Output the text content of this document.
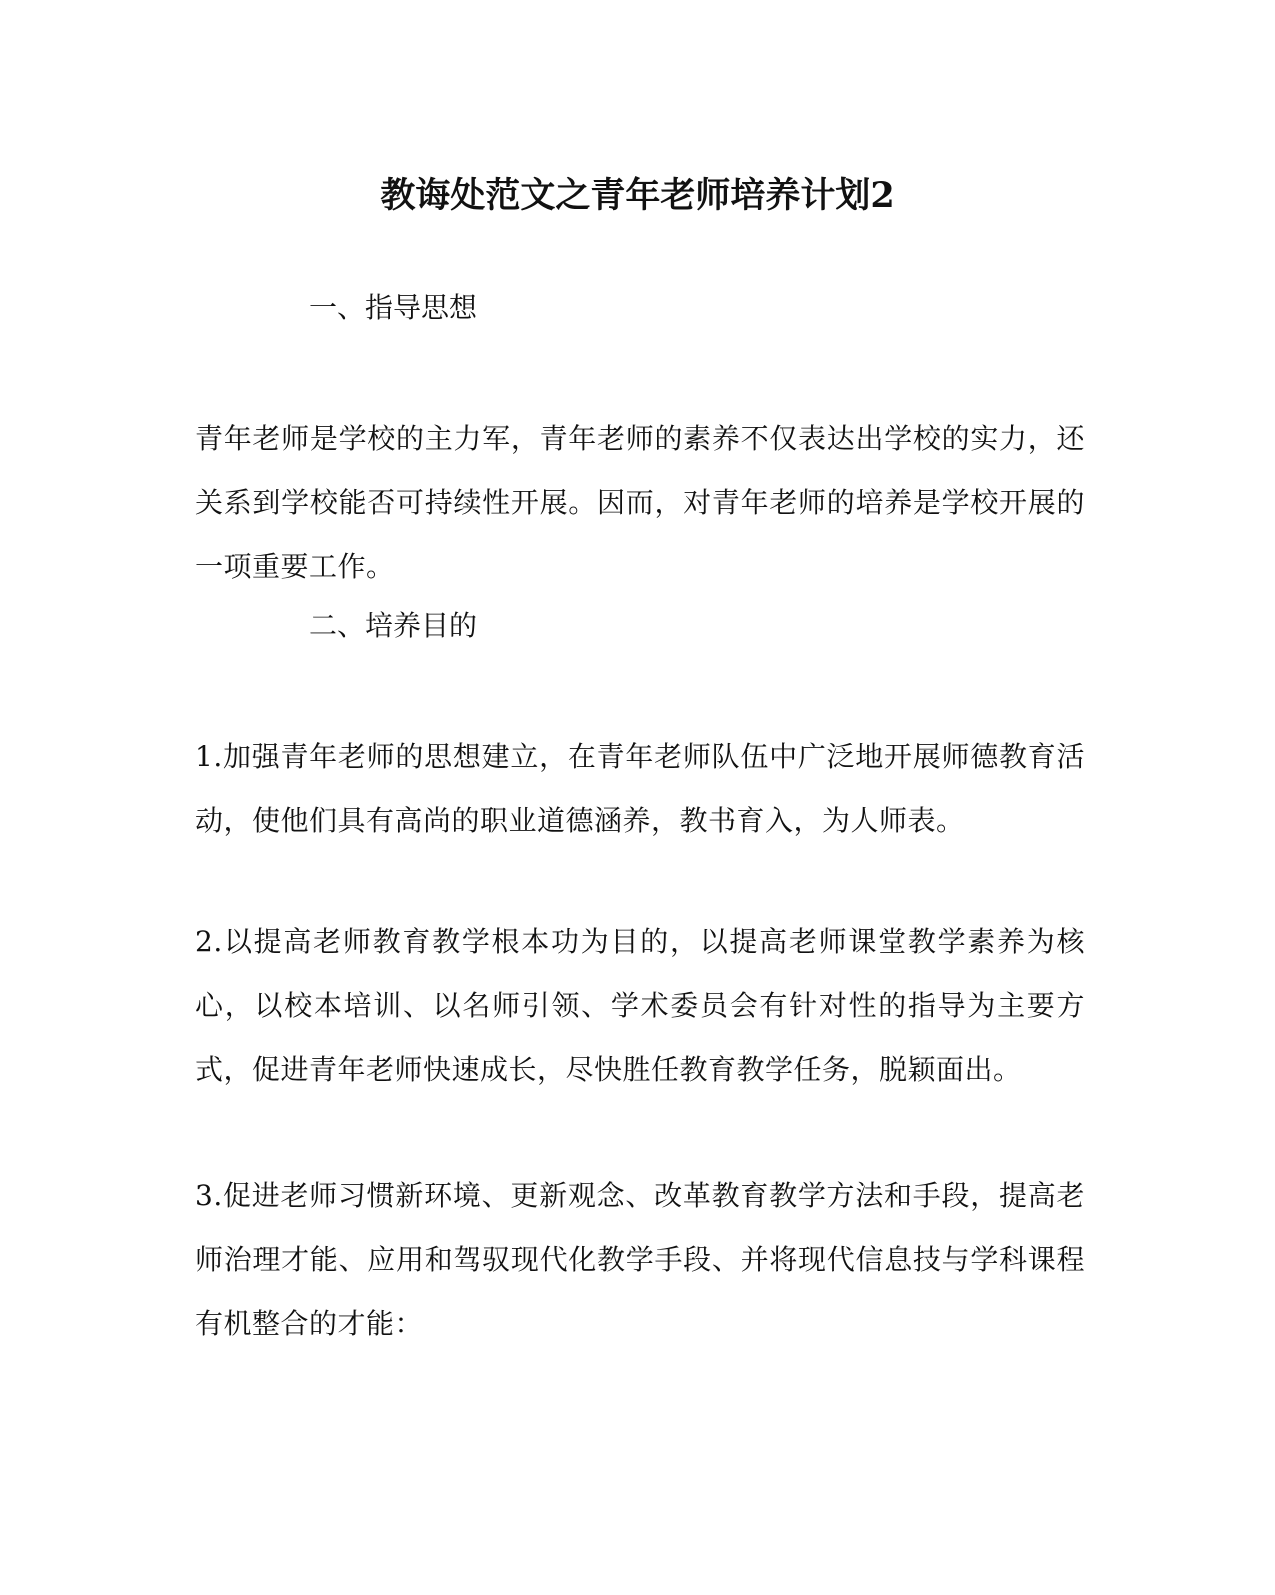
教诲处范文之青年老师培养计划2
一、指导思想
青年老师是学校的主力军，青年老师的素养不仅表达出学校的实力，还关系到学校能否可持续性开展。因而，对青年老师的培养是学校开展的一项重要工作。
二、培养目的
1.加强青年老师的思想建立，在青年老师队伍中广泛地开展师德教育活动，使他们具有高尚的职业道德涵养，教书育入，为人师表。
2.以提高老师教育教学根本功为目的，以提高老师课堂教学素养为核心，以校本培训、以名师引领、学术委员会有针对性的指导为主要方式，促进青年老师快速成长，尽快胜任教育教学任务，脱颖面出。
3.促进老师习惯新环境、更新观念、改革教育教学方法和手段，提高老师治理才能、应用和驾驭现代化教学手段、并将现代信息技与学科课程有机整合的才能：
